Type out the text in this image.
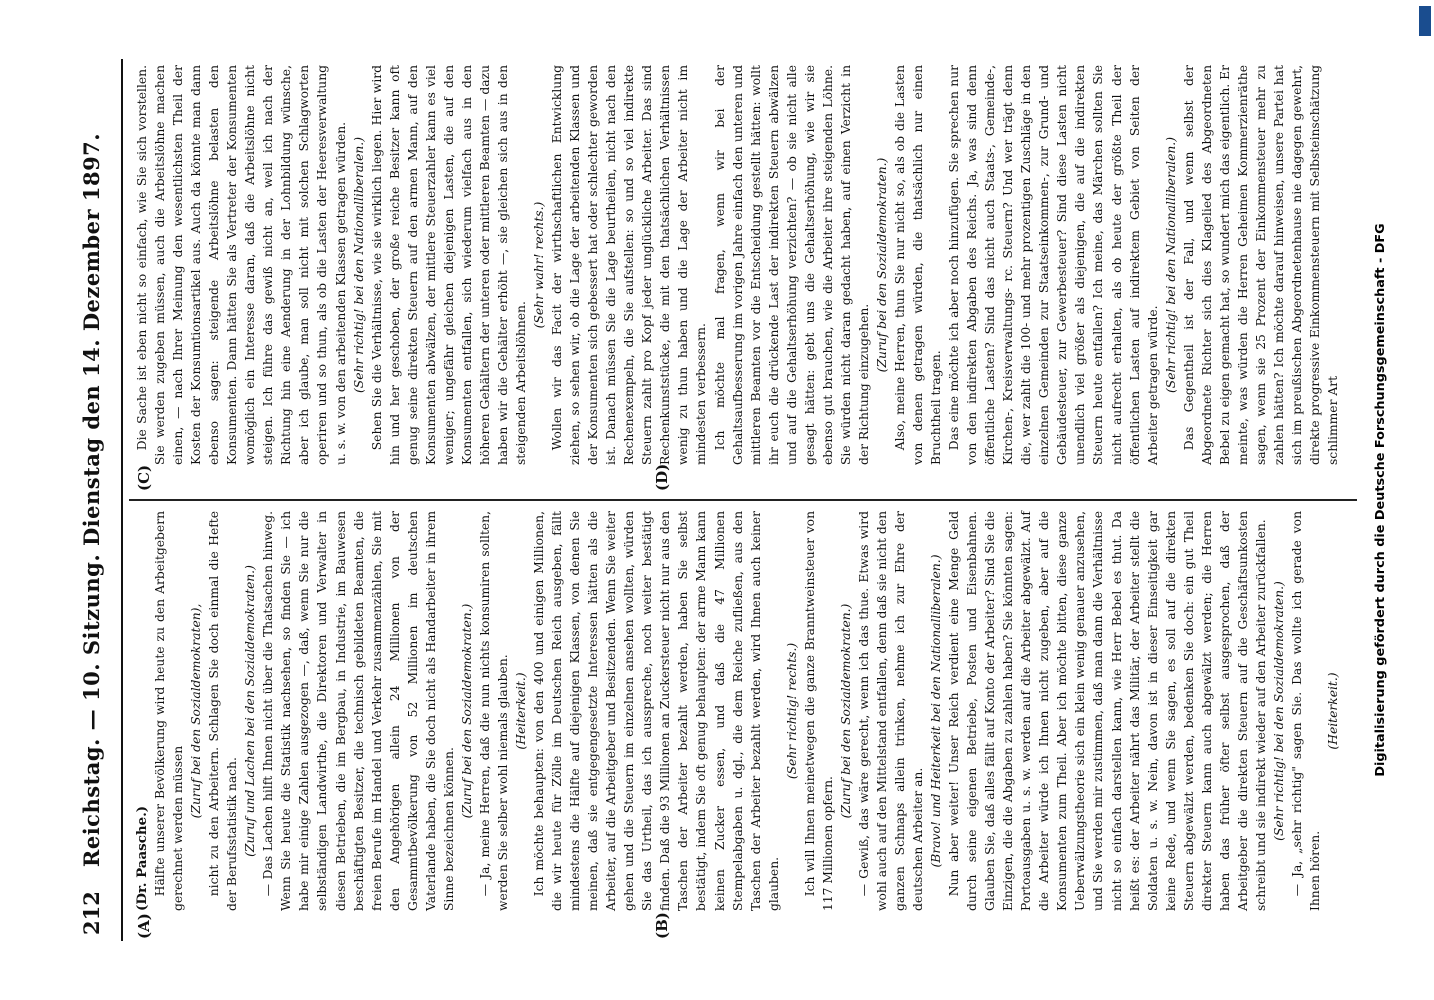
212
Reichstag. — 10. Sitzung. Dienstag den 14. Dezember 1897.
(A)	(B)
(C)	(D)

(Dr. Paasche.) Hälfte unserer Bevölkerung wird heute zu den Arbeitgebern gerechnet werden müssen

(Zuruf bei den Sozialdemokraten), nicht zu den Arbeitern. Schlagen Sie doch einmal die Hefte der Berufsstatistik nach. (Zuruf und Lachen bei den Sozialdemokraten.) — Das Lachen hilft Ihnen nicht über die Thatsachen hinweg. Wenn Sie heute die Statistik nachsehen, so finden Sie — ich habe mir einige Zahlen ausgezogen —, daß, wenn Sie nur die selbständigen Landwirthe, die Direktoren und Verwalter in diesen Betrieben, die im Bergbau, in Industrie, im Bauwesen beschäftigten Besitzer, die technisch gebildeten Beamten, die freien Berufe im Handel und Verkehr zusammenzählen, Sie mit den Angehörigen allein 24 Millionen von der Gesammtbevölkerung von 52 Millionen im deutschen Vaterlande haben, die Sie doch nicht als Handarbeiter in ihrem Sinne bezeichnen können.

(Zuruf bei den Sozialdemokraten.) — Ja, meine Herren, daß die nun nichts konsumiren sollten, werden Sie selber wohl niemals glauben. (Heiterkeit.) Ich möchte behaupten: von den 400 und einigen Millionen, die wir heute für Zölle im Deutschen Reich ausgeben, fällt mindestens die Hälfte auf diejenigen Klassen, von denen Sie meinen, daß sie entgegengesetzte Interessen hätten als die Arbeiter, auf die Arbeitgeber und Besitzenden. Wenn Sie weiter gehen und die Steuern im einzelnen ansehen wollten, würden Sie das Urtheil, das ich ausspreche, noch weiter bestätigt finden. Daß die 93 Millionen an Zuckersteuer nicht nur aus den Taschen der Arbeiter bezahlt werden, haben Sie selbst bestätigt, indem Sie oft genug behaupten: der arme Mann kann keinen Zucker essen, und daß die 47 Millionen Stempelabgaben u. dgl., die dem Reiche zufließen, aus den Taschen der Arbeiter bezahlt werden, wird Ihnen auch keiner glauben.

(Sehr richtig! rechts.) Ich will Ihnen meinetwegen die ganze Branntweinsteuer von 117 Millionen opfern.

(Zuruf bei den Sozialdemokraten.) — Gewiß, das wäre gerecht, wenn ich das thue. Etwas wird wohl auch auf den Mittelstand entfallen, denn daß sie nicht den ganzen Schnaps allein trinken, nehme ich zur Ehre der deutschen Arbeiter an. (Bravo! und Heiterkeit bei den Nationalliberalen.) Nun aber weiter! Unser Reich verdient eine Menge Geld durch seine eigenen Betriebe, Posten und Eisenbahnen. Glauben Sie, daß alles fällt auf Konto der Arbeiter? Sind Sie die Einzigen, die die Abgaben zu zahlen haben? Sie könnten sagen: Portoausgaben u. s. w. werden auf die Arbeiter abgewälzt. Auf die Arbeiter würde ich Ihnen nicht zugeben, aber auf die Konsumenten zum Theil. Aber ich möchte bitten, diese ganze Ueberwälzungstheorie sich ein klein wenig genauer anzusehen, und Sie werden mir zustimmen, daß man dann die Verhältnisse nicht so einfach darstellen kann, wie Herr Bebel es thut. Da heißt es: der Arbeiter nährt das Militär, der Arbeiter stellt die Soldaten u. s. w. Nein, davon ist in dieser Einseitigkeit gar keine Rede, und wenn Sie sagen, es soll auf die direkten Steuern abgewälzt werden, bedenken Sie doch: ein gut Theil direkter Steuern kann auch abgewälzt werden; die Herren haben das früher öfter selbst ausgesprochen, daß der Arbeitgeber die direkten Steuern auf die Geschäftsunkosten schreibt und sie indirekt wieder auf den Arbeiter zurückfallen. (Sehr richtig! bei den Sozialdemokraten.) — Ja, „sehr richtig" sagen Sie. Das wollte ich gerade von Ihnen hören.

(Heiterkeit.)

Die Sache ist eben nicht so einfach, wie Sie sich vorstellen. Sie werden zugeben müssen, auch die Arbeitslöhne machen einen, — nach Ihrer Meinung den wesentlichsten Theil der Kosten der Konsumtionsartikel aus. Auch da könnte man dann ebenso sagen: steigende Arbeitslöhne belasten den Konsumenten. Dann hätten Sie als Vertreter der Konsumenten womöglich ein Interesse daran, daß die Arbeitslöhne nicht steigen. Ich führe das gewiß nicht an, weil ich nach der Richtung hin eine Aenderung in der Lohnbildung wünsche, aber ich glaube, man soll nicht mit solchen Schlagworten operiren und so thun, als ob die Lasten der Heeresverwaltung u. s. w. von den arbeitenden Klassen getragen würden. (Sehr richtig! bei den Nationalliberalen.) Sehen Sie die Verhältnisse, wie sie wirklich liegen. Hier wird hin und her geschoben, der große reiche Besitzer kann oft genug seine direkten Steuern auf den armen Mann, auf den Konsumenten abwälzen, der mittlere Steuerzahler kann es viel weniger; ungefähr gleichen diejenigen Lasten, die auf den Konsumenten entfallen, sich wiederum vielfach aus in den höheren Gehältern der unteren oder mittleren Beamten — dazu haben wir die Gehälter erhöht —, sie gleichen sich aus in den steigenden Arbeitslöhnen.

(Sehr wahr! rechts.) Wollen wir das Facit der wirthschaftlichen Entwicklung ziehen, so sehen wir, ob die Lage der arbeitenden Klassen und der Konsumenten sich gebessert hat oder schlechter geworden ist. Danach müssen Sie die Lage beurtheilen, nicht nach den Rechenexempeln, die Sie aufstellen: so und so viel indirekte Steuern zahlt pro Kopf jeder unglückliche Arbeiter. Das sind Rechenkunststücke, die mit den thatsächlichen Verhältnissen wenig zu thun haben und die Lage der Arbeiter nicht im mindesten verbessern. Ich möchte mal fragen, wenn wir bei der Gehaltsaufbesserung im vorigen Jahre einfach den unteren und mittleren Beamten vor die Entscheidung gestellt hätten: wollt ihr euch die drückende Last der indirekten Steuern abwälzen und auf die Gehaltserhöhung verzichten? — ob sie nicht alle gesagt hätten: gebt uns die Gehaltserhöhung, wie wir sie ebenso gut brauchen, wie die Arbeiter ihre steigenden Löhne. Sie würden nicht daran gedacht haben, auf einen Verzicht in der Richtung einzugehen.

(Zuruf bei den Sozialdemokraten.) Also, meine Herren, thun Sie nur nicht so, als ob die Lasten von denen getragen würden, die thatsächlich nur einen Bruchtheil tragen. Das eine möchte ich aber noch hinzufügen. Sie sprechen nur von den indirekten Abgaben des Reichs. Ja, was sind denn öffentliche Lasten? Sind das nicht auch Staats-, Gemeinde-, Kirchen-, Kreisverwaltungs- rc. Steuern? Und wer trägt denn die, wer zahlt die 100- und mehr prozentigen Zuschläge in den einzelnen Gemeinden zur Staatseinkommen-, zur Grund- und Gebäudesteuer, zur Gewerbesteuer? Sind diese Lasten nicht unendlich viel größer als diejenigen, die auf die indirekten Steuern heute entfallen? Ich meine, das Märchen sollten Sie nicht aufrecht erhalten, als ob heute der größte Theil der öffentlichen Lasten auf indirektem Gebiet von Seiten der Arbeiter getragen würde. (Sehr richtig! bei den Nationalliberalen.) Das Gegentheil ist der Fall, und wenn selbst der Abgeordnete Richter sich dies Klagelied des Abgeordneten Bebel zu eigen gemacht hat, so wundert mich das eigentlich. Er meinte, was würden die Herren Geheimen Kommerzienräthe sagen, wenn sie 25 Prozent der Einkommensteuer mehr zu zahlen hätten? Ich möchte darauf hinweisen, unsere Partei hat sich im preußischen Abgeordnetenhause nie dagegen gewehrt, direkte progressive Einkommensteuern mit Selbsteinschätzung schlimmer Art	Digitalisierung gefördert durch die Deutsche Forschungsgemeinschaft - DFG
